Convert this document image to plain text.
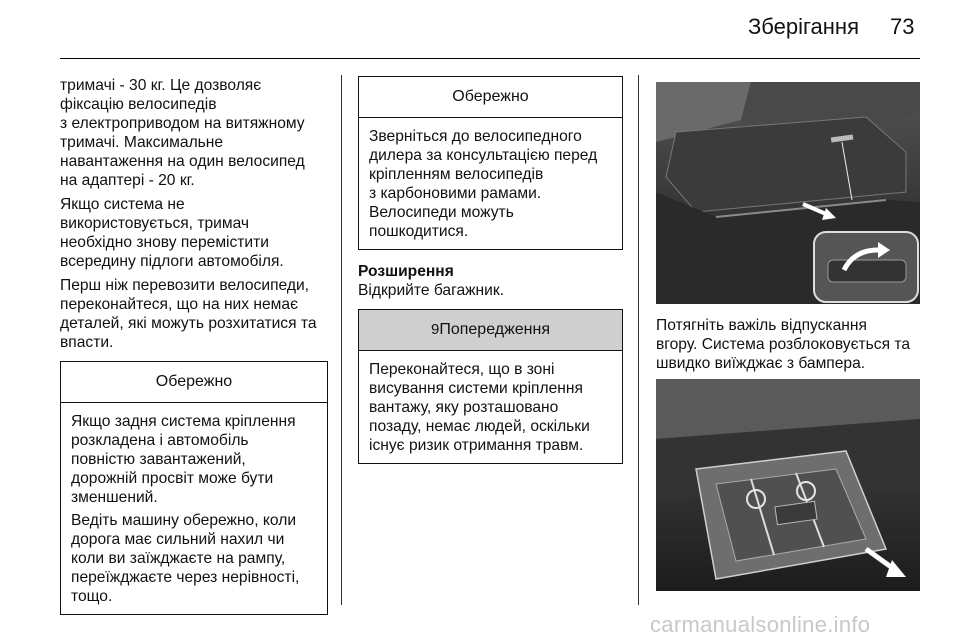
Зберігання 73

тримачі - 30 кг. Це дозволяє
фіксацію велосипедів
з електроприводом на витяжному
тримачі. Максимальне
навантаження на один велосипед
на адаптері - 20 кг.

Якщо система не
використовується, тримач
необхідно знову перемістити
всередину підлоги автомобіля.

Перш ніж перевозити велосипеди,
переконайтеся, що на них немає
деталей, які можуть розхитатися та
впасти.

Обережно

Якщо задня система кріплення
розкладена і автомобіль
повністю завантажений,
дорожній просвіт може бути
зменшений.

Ведіть машину обережно, коли
дорога має сильний нахил чи
коли ви заїжджаєте на рампу,
переїжджаєте через нерівності,
тощо.

Обережно

Зверніться до велосипедного
дилера за консультацією перед
кріпленням велосипедів
з карбоновими рамами.
Велосипеди можуть
пошкодитися.

Розширення

Відкрийте багажник.

9Попередження

Переконайтеся, що в зоні
висування системи кріплення
вантажу, яку розташовано
позаду, немає людей, оскільки
існує ризик отримання травм.

Потягніть важіль відпускання
вгору. Система розблоковується та
швидко виїжджає з бампера.

carmanualsonline.info
